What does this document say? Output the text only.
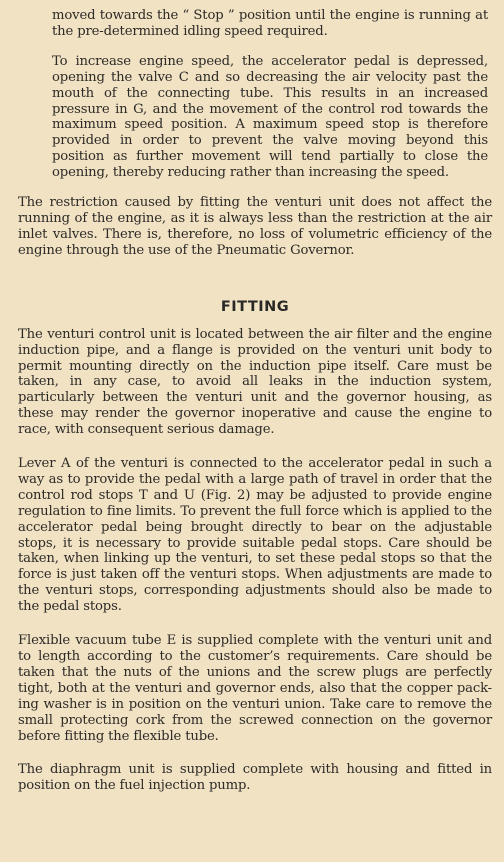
moved towards the “ Stop ” position until the engine is running at the pre-determined idling speed required.

To increase engine speed, the accelerator pedal is depressed, opening the valve C and so decreasing the air velocity past the mouth of the connecting tube. This results in an increased pressure in G, and the movement of the control rod towards the maximum speed position. A maximum speed stop is therefore provided in order to prevent the valve moving beyond this position as further movement will tend partially to close the opening, thereby reducing rather than increasing the speed.

The restriction caused by fitting the venturi unit does not affect the running of the engine, as it is always less than the restriction at the air inlet valves. There is, therefore, no loss of volumetric efficiency of the engine through the use of the Pneumatic Governor.

FITTING

The venturi control unit is located between the air filter and the engine induction pipe, and a flange is provided on the venturi unit body to permit mounting directly on the induction pipe itself. Care must be taken, in any case, to avoid all leaks in the induction system, particularly between the venturi unit and the governor housing, as these may render the governor inoperative and cause the engine to race, with consequent serious damage.

Lever A of the venturi is connected to the accelerator pedal in such a way as to provide the pedal with a large path of travel in order that the control rod stops T and U (Fig. 2) may be adjusted to provide engine regulation to fine limits. To prevent the full force which is applied to the accelerator pedal being brought directly to bear on the adjustable stops, it is necessary to provide suitable pedal stops. Care should be taken, when linking up the venturi, to set these pedal stops so that the force is just taken off the venturi stops. When adjustments are made to the venturi stops, corresponding adjustments should also be made to the pedal stops.

Flexible vacuum tube E is supplied complete with the venturi unit and to length according to the customer’s requirements. Care should be taken that the nuts of the unions and the screw plugs are perfectly tight, both at the venturi and governor ends, also that the copper pack-ing washer is in position on the venturi union. Take care to remove the small protecting cork from the screwed connection on the governor before fitting the flexible tube.

The diaphragm unit is supplied complete with housing and fitted in position on the fuel injection pump.
